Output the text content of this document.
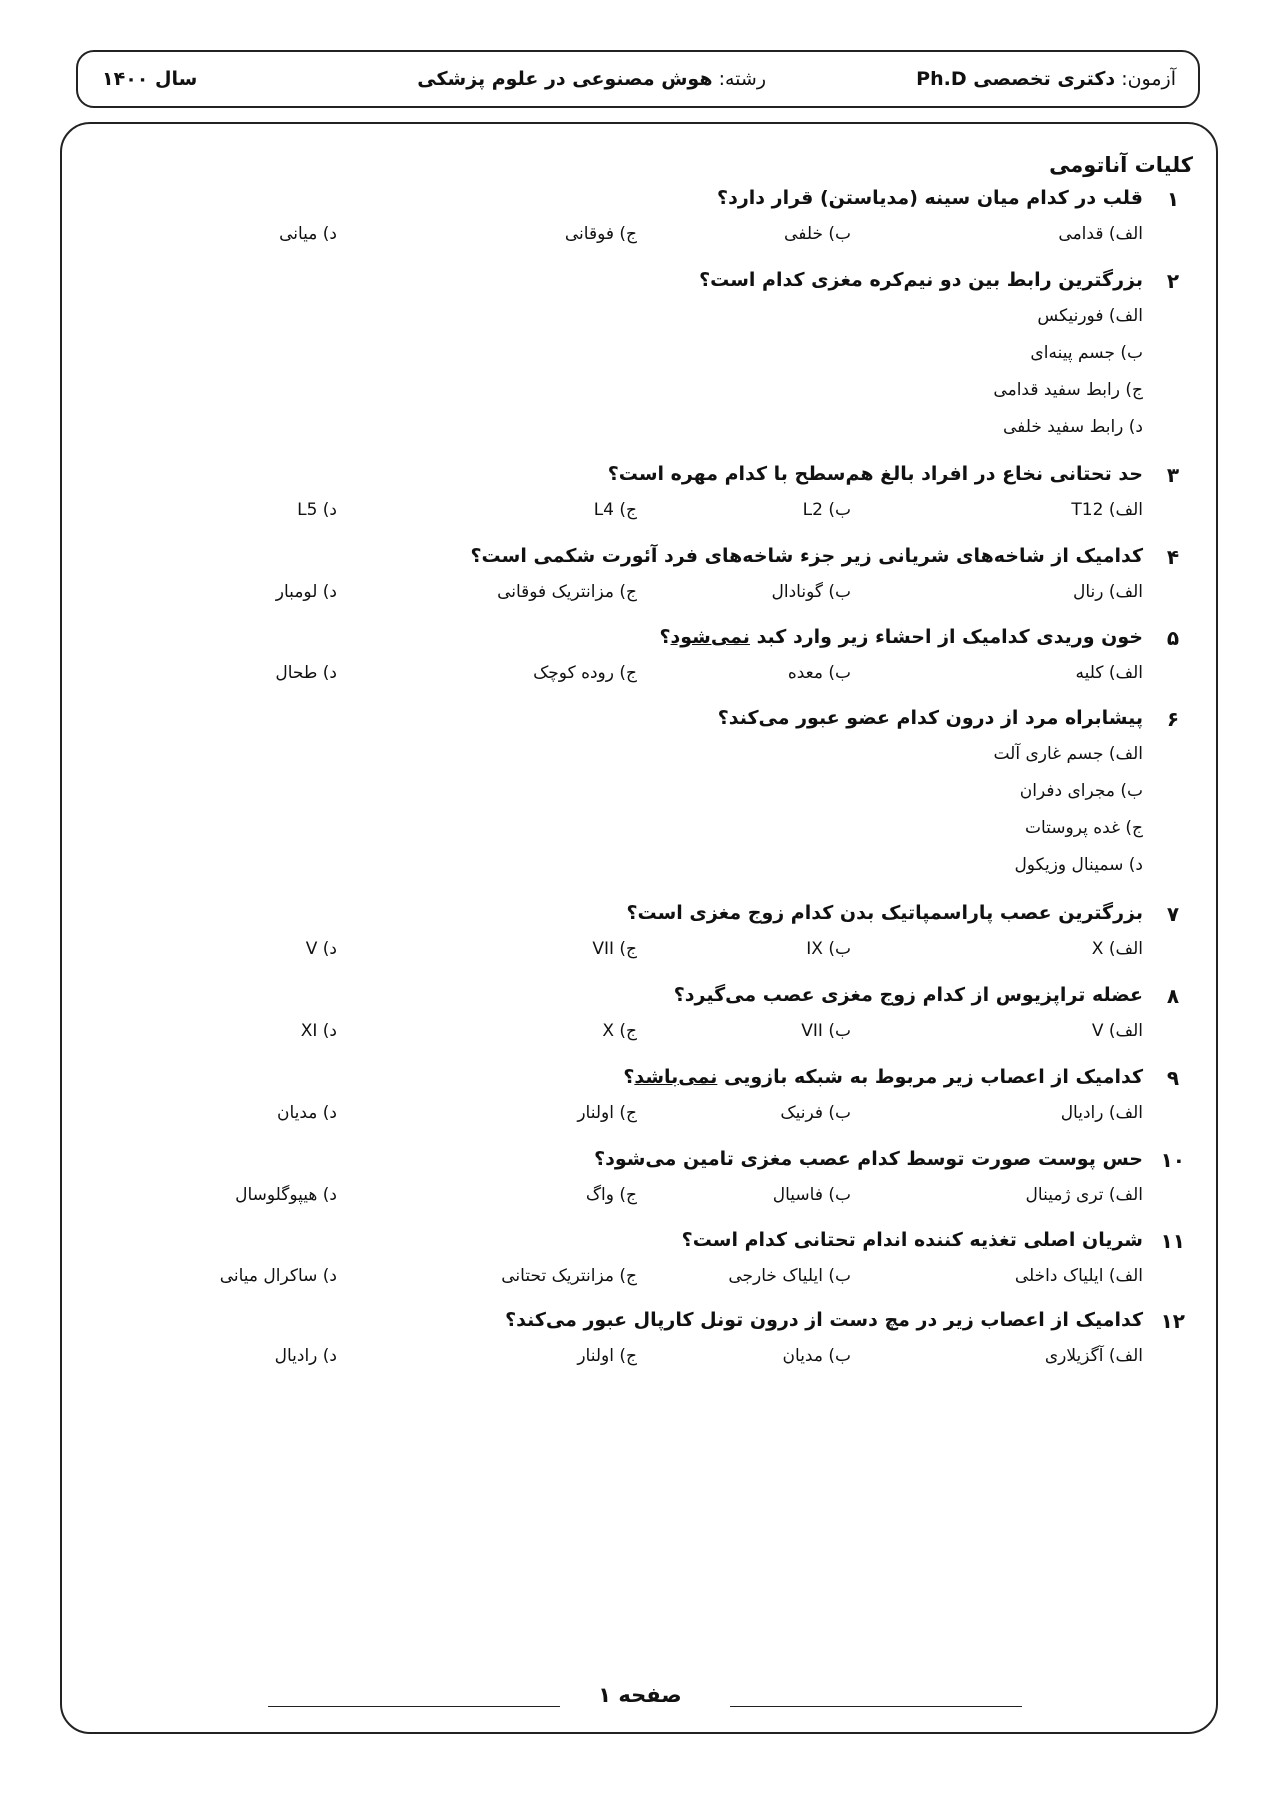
آزمون: دکتری تخصصی Ph.D
رشته: هوش مصنوعی در علوم پزشکی
سال ۱۴۰۰
کلیات آناتومی
۱
قلب در کدام میان سینه (مدیاستن) قرار دارد؟
الف) قدامی
ب) خلفی
ج) فوقانی
د) میانی
۲
بزرگترین رابط بین دو نیم‌کره مغزی کدام است؟
الف) فورنیکس
ب) جسم پینه‌ای
ج) رابط سفید قدامی
د) رابط سفید خلفی
۳
حد تحتانی نخاع در افراد بالغ هم‌سطح با کدام مهره است؟
الف) T12
ب) L2
ج) L4
د) L5
۴
کدامیک از شاخه‌های شریانی زیر جزء شاخه‌های فرد آئورت شکمی است؟
الف) رنال
ب) گونادال
ج) مزانتریک فوقانی
د) لومبار
۵
خون وریدی کدامیک از احشاء زیر وارد کبد نمی‌شود؟
الف) کلیه
ب) معده
ج) روده کوچک
د) طحال
۶
پیشابراه مرد از درون کدام عضو عبور می‌کند؟
الف) جسم غاری آلت
ب) مجرای دفران
ج) غده پروستات
د) سمینال وزیکول
۷
بزرگترین عصب پاراسمپاتیک بدن کدام زوج مغزی است؟
الف) X
ب) IX
ج) VII
د) V
۸
عضله تراپزیوس از کدام زوج مغزی عصب می‌گیرد؟
الف) V
ب) VII
ج) X
د) XI
۹
کدامیک از اعصاب زیر مربوط به شبکه بازویی نمی‌باشد؟
الف) رادیال
ب) فرنیک
ج) اولنار
د) مدیان
۱۰
حس پوست صورت توسط کدام عصب مغزی تامین می‌شود؟
الف) تری ژمینال
ب) فاسیال
ج) واگ
د) هیپوگلوسال
۱۱
شریان اصلی تغذیه کننده اندام تحتانی کدام است؟
الف) ایلیاک داخلی
ب) ایلیاک خارجی
ج) مزانتریک تحتانی
د) ساکرال میانی
۱۲
کدامیک از اعصاب زیر در مچ دست از درون تونل کارپال عبور می‌کند؟
الف) آگزیلاری
ب) مدیان
ج) اولنار
د) رادیال
صفحه ۱
